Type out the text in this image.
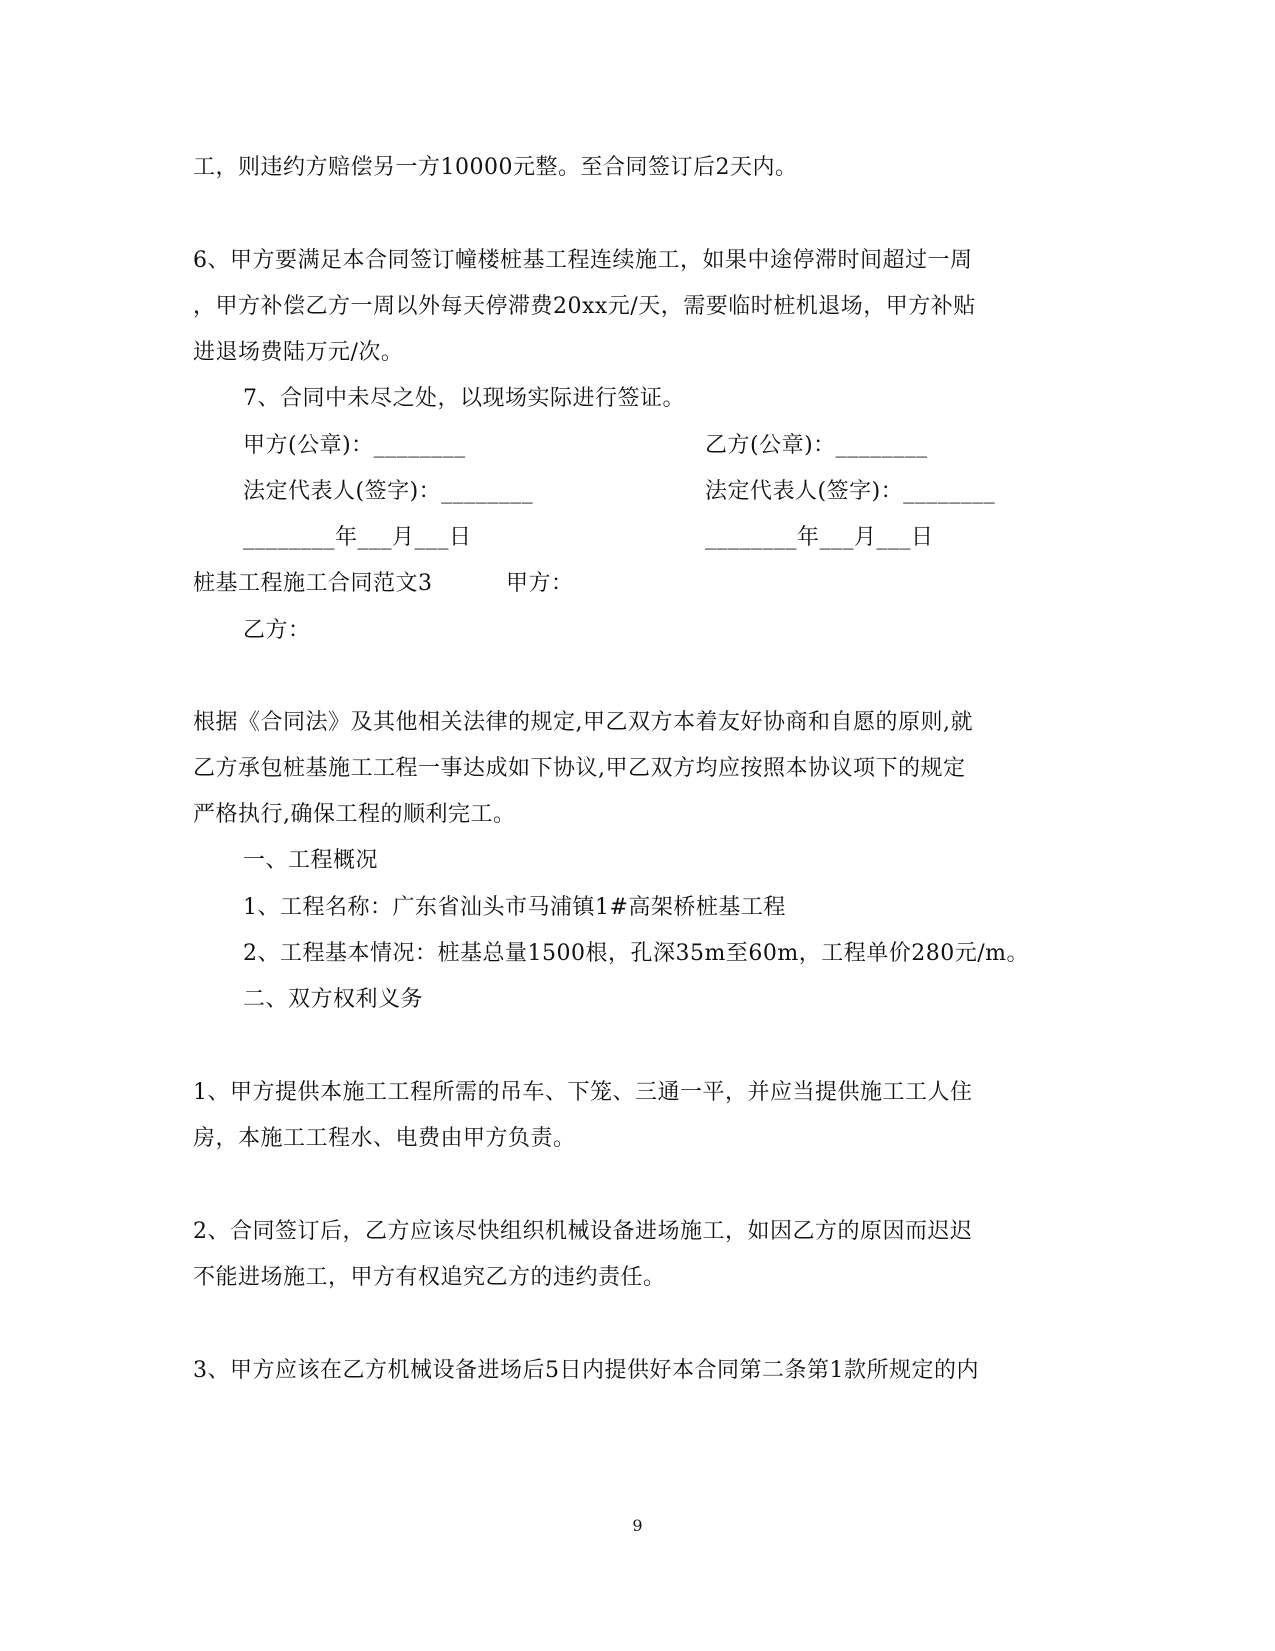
工，则违约方赔偿另一方10000元整。至合同签订后2天内。
6、甲方要满足本合同签订幢楼桩基工程连续施工，如果中途停滞时间超过一周
，甲方补偿乙方一周以外每天停滞费20xx元/天，需要临时桩机退场，甲方补贴
进退场费陆万元/次。
7、合同中未尽之处，以现场实际进行签证。
甲方(公章)：________	乙方(公章)：________
法定代表人(签字)：________	法定代表人(签字)：________
________年___月___日	________年___月___日
桩基工程施工合同范文3	甲方：
乙方：
根据《合同法》及其他相关法律的规定,甲乙双方本着友好协商和自愿的原则,就
乙方承包桩基施工工程一事达成如下协议,甲乙双方均应按照本协议项下的规定
严格执行,确保工程的顺利完工。
一、工程概况
1、工程名称：广东省汕头市马浦镇1#高架桥桩基工程
2、工程基本情况：桩基总量1500根，孔深35m至60m，工程单价280元/m。
二、双方权利义务
1、甲方提供本施工工程所需的吊车、下笼、三通一平，并应当提供施工工人住
房，本施工工程水、电费由甲方负责。
2、合同签订后，乙方应该尽快组织机械设备进场施工，如因乙方的原因而迟迟
不能进场施工，甲方有权追究乙方的违约责任。
3、甲方应该在乙方机械设备进场后5日内提供好本合同第二条第1款所规定的内
9
